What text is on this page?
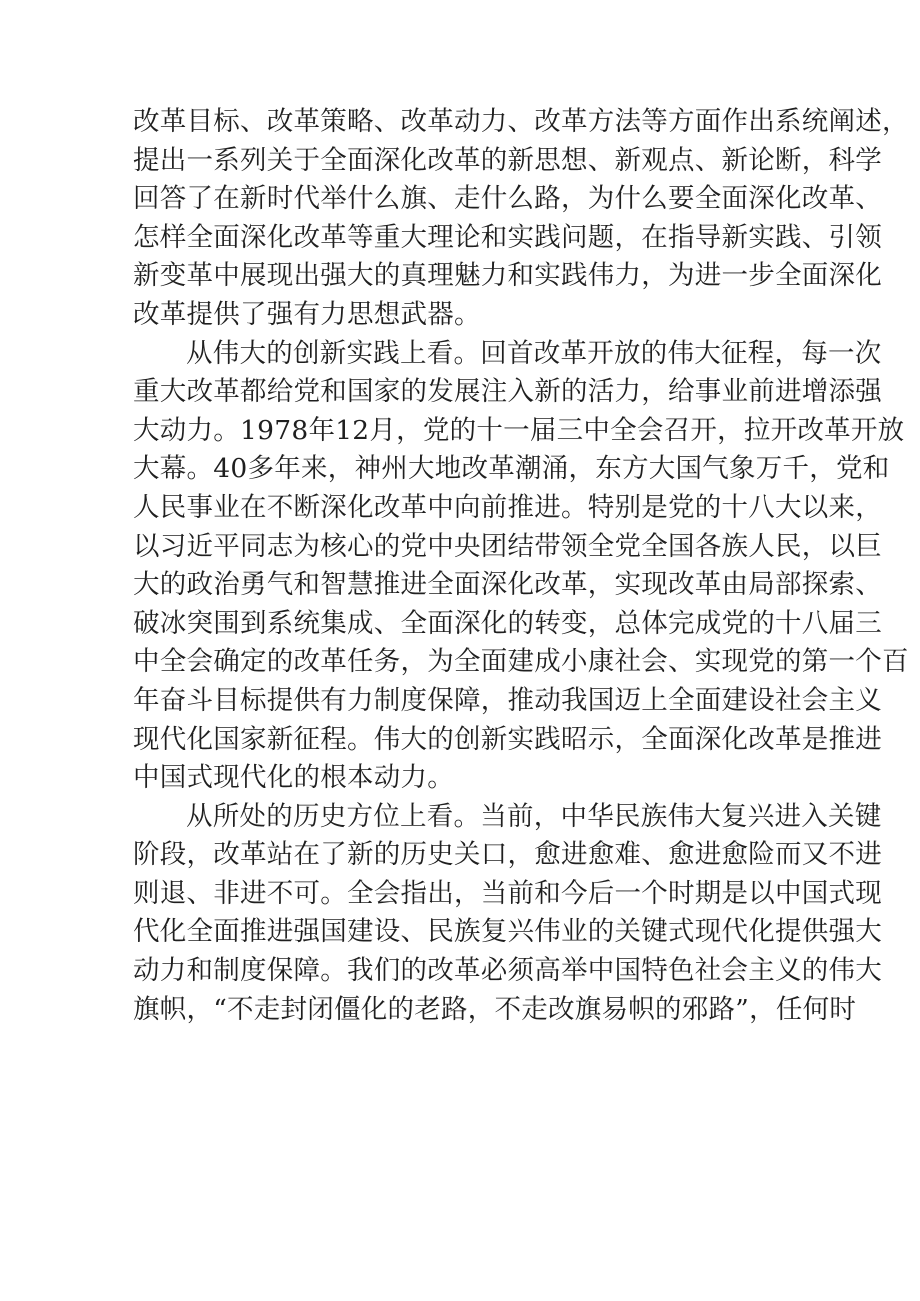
改革目标、改革策略、改革动力、改革方法等方面作出系统阐述，
提出一系列关于全面深化改革的新思想、新观点、新论断，科学
回答了在新时代举什么旗、走什么路，为什么要全面深化改革、
怎样全面深化改革等重大理论和实践问题，在指导新实践、引领
新变革中展现出强大的真理魅力和实践伟力，为进一步全面深化
改革提供了强有力思想武器。
从伟大的创新实践上看。回首改革开放的伟大征程，每一次
重大改革都给党和国家的发展注入新的活力，给事业前进增添强
大动力。1978年12月，党的十一届三中全会召开，拉开改革开放
大幕。40多年来，神州大地改革潮涌，东方大国气象万千，党和
人民事业在不断深化改革中向前推进。特别是党的十八大以来，
以习近平同志为核心的党中央团结带领全党全国各族人民，以巨
大的政治勇气和智慧推进全面深化改革，实现改革由局部探索、
破冰突围到系统集成、全面深化的转变，总体完成党的十八届三
中全会确定的改革任务，为全面建成小康社会、实现党的第一个百
年奋斗目标提供有力制度保障，推动我国迈上全面建设社会主义
现代化国家新征程。伟大的创新实践昭示，全面深化改革是推进
中国式现代化的根本动力。
从所处的历史方位上看。当前，中华民族伟大复兴进入关键
阶段，改革站在了新的历史关口，愈进愈难、愈进愈险而又不进
则退、非进不可。全会指出，当前和今后一个时期是以中国式现
代化全面推进强国建设、民族复兴伟业的关键式现代化提供强大
动力和制度保障。我们的改革必须高举中国特色社会主义的伟大
旗帜，“不走封闭僵化的老路，不走改旗易帜的邪路”，任何时
